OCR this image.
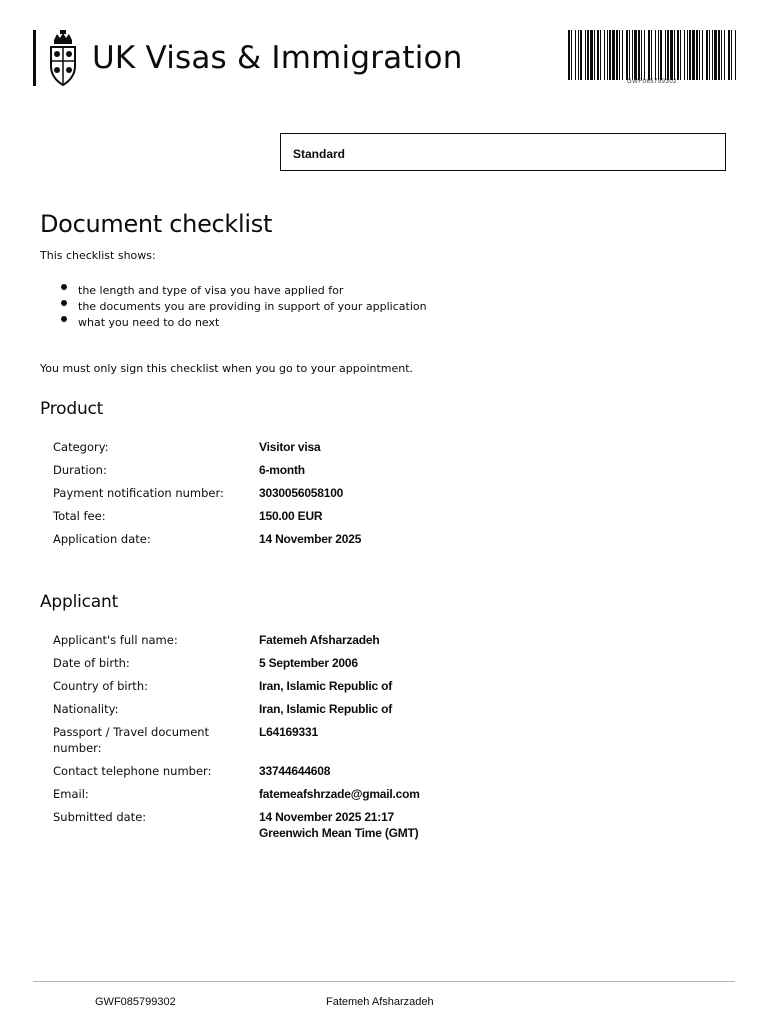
UK Visas & Immigration
GWF085799302
Standard
Document checklist
This checklist shows:
the length and type of visa you have applied for
the documents you are providing in support of your application
what you need to do next
You must only sign this checklist when you go to your appointment.
Product
Category:	Visitor visa
Duration:	6-month
Payment notification number:	3030056058100
Total fee:	150.00 EUR
Application date:	14 November 2025
Applicant
Applicant's full name:	Fatemeh Afsharzadeh
Date of birth:	5 September 2006
Country of birth:	Iran, Islamic Republic of
Nationality:	Iran, Islamic Republic of
Passport / Travel document number:
L64169331
Contact telephone number:	33744644608
Email:	fatemeafshrzade@gmail.com
Submitted date:	14 November 2025 21:17 Greenwich Mean Time (GMT)
GWF085799302	Fatemeh Afsharzadeh
